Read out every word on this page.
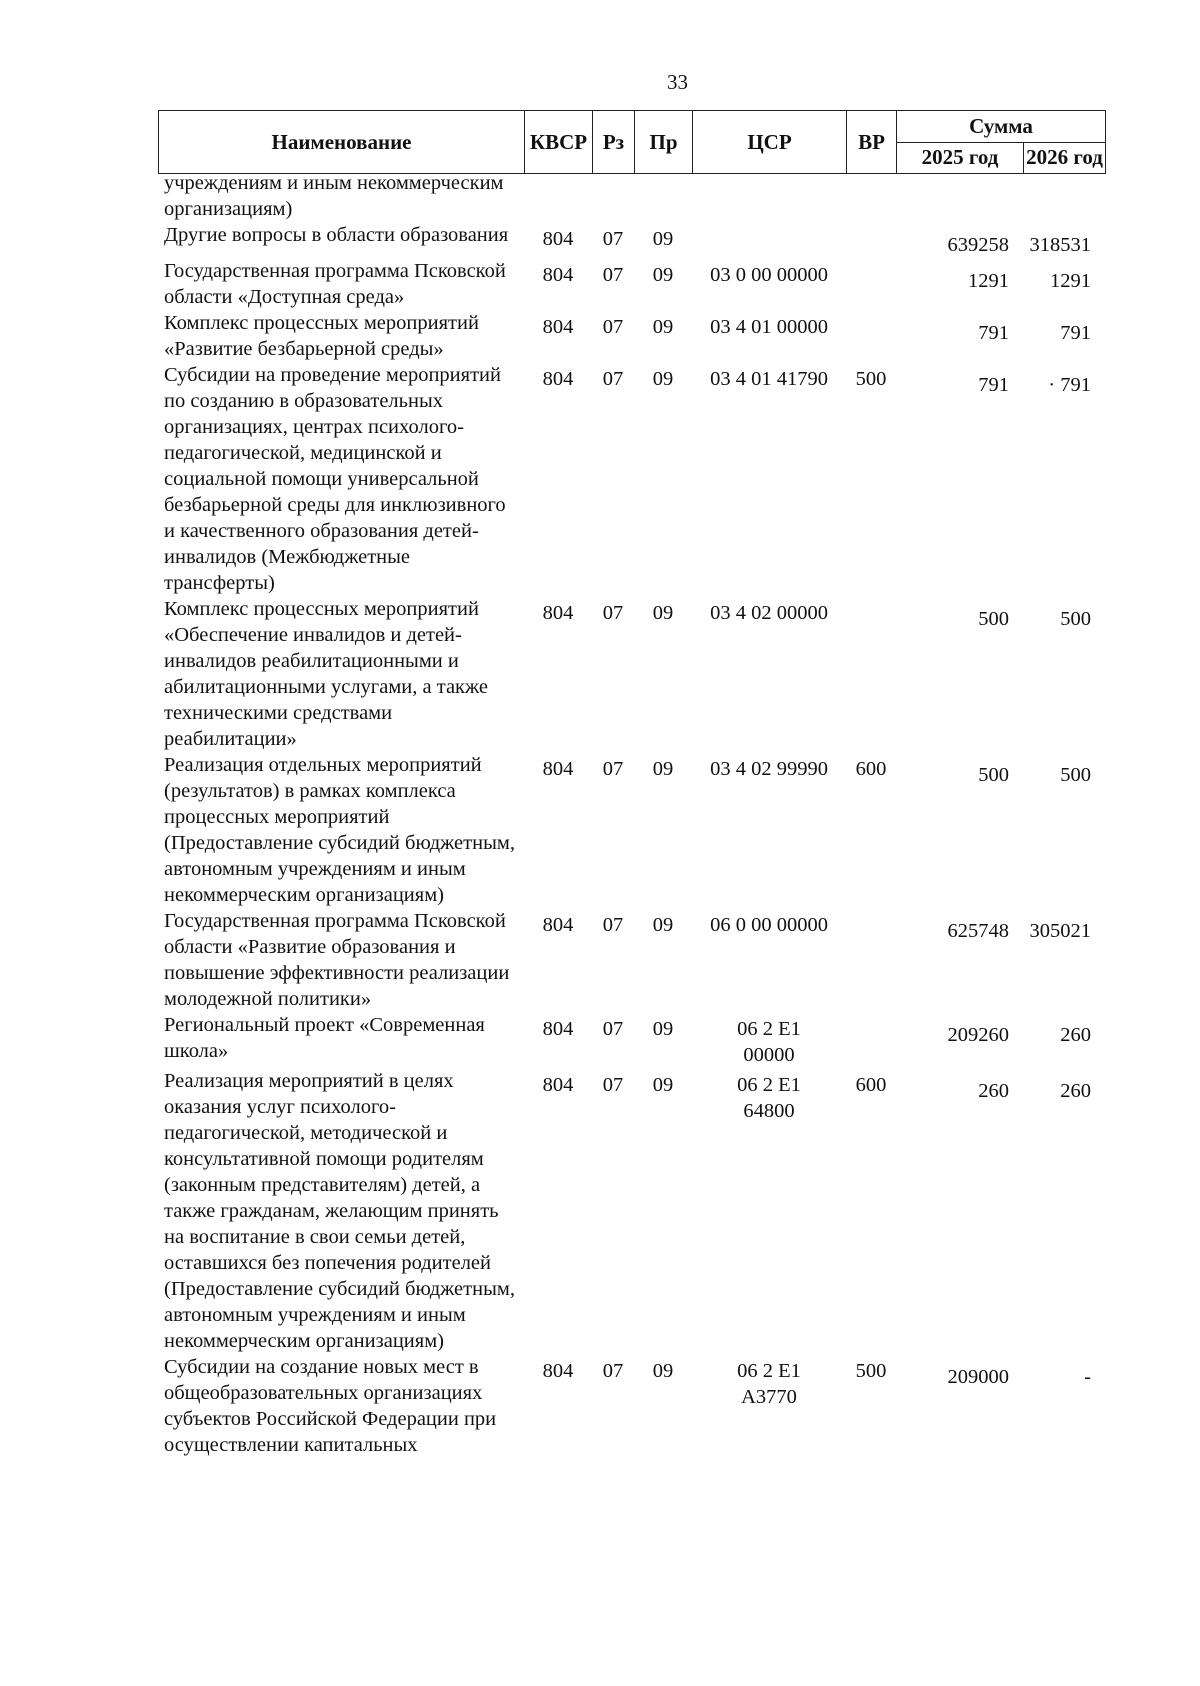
33
Наименование	КВСР	Рз	Пр	ЦСР	ВР	Сумма	
						2025 год	2026 год
учреждениям и иным некоммерческим организациям)							
Другие вопросы в области образования	804	07	09			639258	318531
Государственная программа Псковской области «Доступная среда»	804	07	09	03 0 00 00000		1291	1291
Комплекс процессных мероприятий «Развитие безбарьерной среды»	804	07	09	03 4 01 00000		791	791
Субсидии на проведение мероприятий по созданию в образовательных организациях, центрах психолого-педагогической, медицинской и социальной помощи универсальной безбарьерной среды для инклюзивного и качественного образования детей-инвалидов (Межбюджетные трансферты)	804	07	09	03 4 01 41790	500	791	· 791
Комплекс процессных мероприятий «Обеспечение инвалидов и детей-инвалидов реабилитационными и абилитационными услугами, а также техническими средствами реабилитации»	804	07	09	03 4 02 00000		500	500
Реализация отдельных мероприятий (результатов) в рамках комплекса процессных мероприятий (Предоставление субсидий бюджетным, автономным учреждениям и иным некоммерческим организациям)	804	07	09	03 4 02 99990	600	500	500
Государственная программа Псковской области «Развитие образования и повышение эффективности реализации молодежной политики»	804	07	09	06 0 00 00000		625748	305021
Региональный проект «Современная школа»	804	07	09	06 2 E1 00000		209260	260
Реализация мероприятий в целях оказания услуг психолого-педагогической, методической и консультативной помощи родителям (законным представителям) детей, а также гражданам, желающим принять на воспитание в свои семьи детей, оставшихся без попечения родителей (Предоставление субсидий бюджетным, автономным учреждениям и иным некоммерческим организациям)	804	07	09	06 2 E1 64800	600	260	260
Субсидии на создание новых мест в общеобразовательных организациях субъектов Российской Федерации при осуществлении капитальных	804	07	09	06 2 E1 А3770	500	209000	-
